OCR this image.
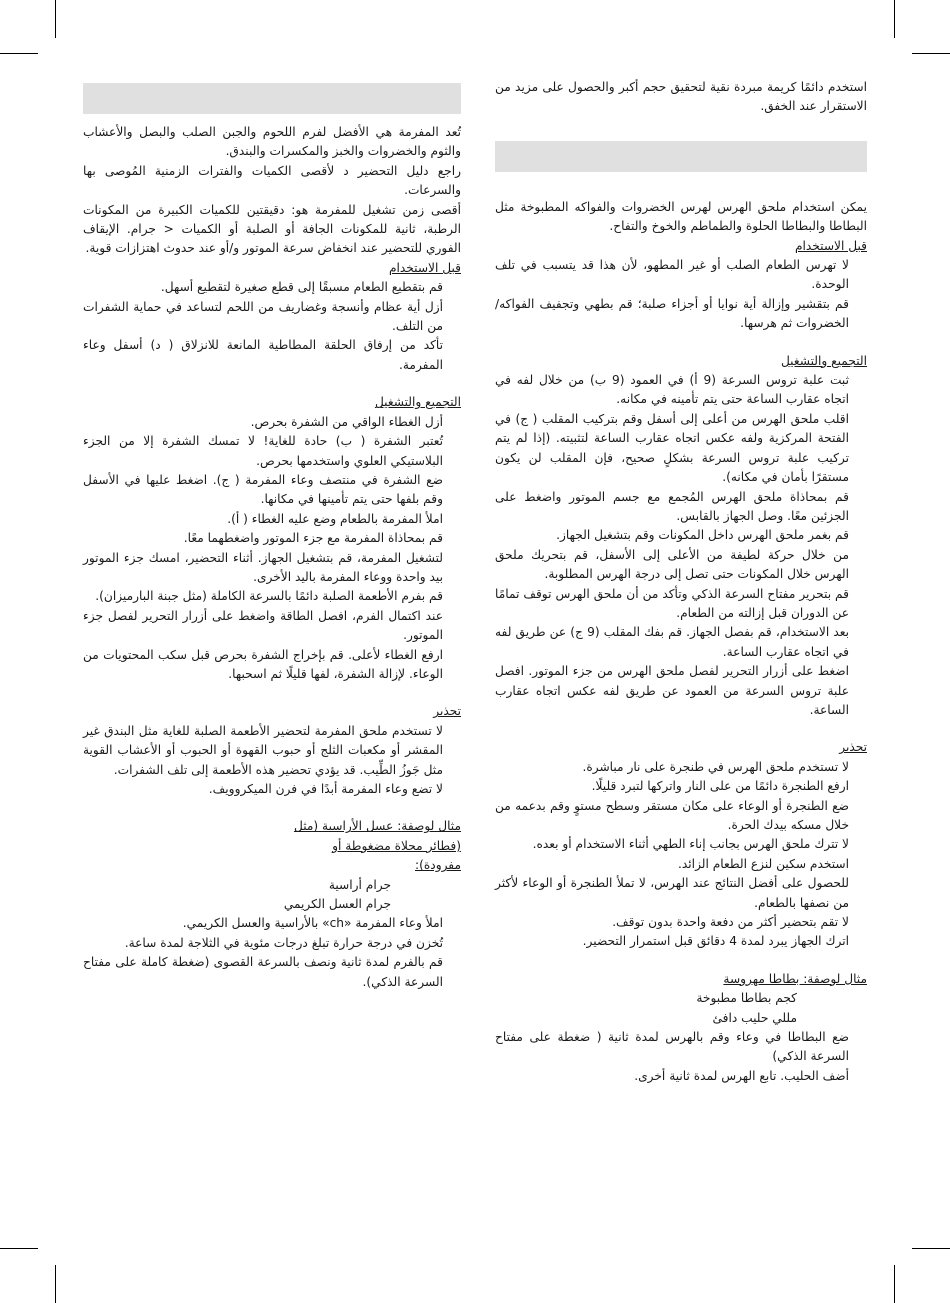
استخدم دائمًا كريمة مبردة نقية لتحقيق حجم أكبر والحصول على مزيد من الاستقرار عند الخفق.

يمكن استخدام ملحق الهرس لهرس الخضروات والفواكه المطبوخة مثل البطاطا والبطاطا الحلوة والطماطم والخوخ والتفاح.

قبل الاستخدام

لا تهرس الطعام الصلب أو غير المطهو، لأن هذا قد يتسبب في تلف الوحدة.

قم بتقشير وإزالة أية نوايا أو أجزاء صلبة؛ قم بطهي وتجفيف الفواكه/ الخضروات ثم هرسها.

التجميع والتشغيل

ثبت علبة تروس السرعة (9 أ) في العمود (9 ب) من خلال لفه في اتجاه عقارب الساعة حتى يتم تأمينه في مكانه.

اقلب ملحق الهرس من أعلى إلى أسفل وقم بتركيب المقلب ( ج) في الفتحة المركزية ولفه عكس اتجاه عقارب الساعة لتثبيته. (إذا لم يتم تركيب علبة تروس السرعة بشكلٍ صحيح، فإن المقلب لن يكون مستقرًا بأمان في مكانه).

قم بمحاذاة ملحق الهرس المُجمع مع جسم الموتور واضغط على الجزئين معًا. وصل الجهاز بالقابس.

قم بغمر ملحق الهرس داخل المكونات وقم بتشغيل الجهاز.

من خلال حركة لطيفة من الأعلى إلى الأسفل، قم بتحريك ملحق الهرس خلال المكونات حتى تصل إلى درجة الهرس المطلوبة.

قم بتحرير مفتاح السرعة الذكي وتأكد من أن ملحق الهرس توقف تمامًا عن الدوران قبل إزالته من الطعام.

بعد الاستخدام، قم بفصل الجهاز. قم بفك المقلب (9 ج) عن طريق لفه في اتجاه عقارب الساعة.

اضغط على أزرار التحرير لفصل ملحق الهرس من جزء الموتور. افصل علبة تروس السرعة من العمود عن طريق لفه عكس اتجاه عقارب الساعة.

تحذير

لا تستخدم ملحق الهرس في طنجرة على نار مباشرة.

ارفع الطنجرة دائمًا من على النار واتركها لتبرد قليلًا.

ضع الطنجرة أو الوعاء على مكان مستقر وسطح مستوٍ وقم بدعمه من خلال مسكه بيدك الحرة.

لا تترك ملحق الهرس بجانب إناء الطهي أثناء الاستخدام أو بعده.

استخدم سكين لنزع الطعام الزائد.

للحصول على أفضل النتائج عند الهرس، لا تملأ الطنجرة أو الوعاء لأكثر من نصفها بالطعام.

لا تقم بتحضير أكثر من دفعة واحدة بدون توقف.

اترك الجهاز يبرد لمدة 4 دقائق قبل استمرار التحضير.

مثال لوصفة: بطاطا مهروسة

كجم بطاطا مطبوخة

مللي حليب دافئ

ضع البطاطا في وعاء وقم بالهرس لمدة ثانية ( ضغطة على مفتاح السرعة الذكي)

أضف الحليب. تابع الهرس لمدة ثانية أخرى.

تُعد المفرمة هي الأفضل لفرم اللحوم والجبن الصلب والبصل والأعشاب والثوم والخضروات والخبز والمكسرات والبندق.

راجع دليل التحضير د لأقصى الكميات والفترات الزمنية المُوصى بها والسرعات.

أقصى زمن تشغيل للمفرمة هو: دقيقتين للكميات الكبيرة من المكونات الرطبة، ثانية للمكونات الجافة أو الصلبة أو الكميات < جرام. الإيقاف الفوري للتحضير عند انخفاض سرعة الموتور و/أو عند حدوث اهتزازات قوية.

قبل الاستخدام

قم بتقطيع الطعام مسبقًا إلى قطع صغيرة لتقطيع أسهل.

أزل أية عظام وأنسجة وغضاريف من اللحم لتساعد في حماية الشفرات من التلف.

تأكد من إرفاق الحلقة المطاطية المانعة للانزلاق ( د) أسفل وعاء المفرمة.

التجميع والتشغيل

أزل الغطاء الواقي من الشفرة بحرص.

تُعتبر الشفرة ( ب) حادة للغاية! لا تمسك الشفرة إلا من الجزء البلاستيكي العلوي واستخدمها بحرص.

ضع الشفرة في منتصف وعاء المفرمة ( ج). اضغط عليها في الأسفل وقم بلفها حتى يتم تأمينها في مكانها.

املأ المفرمة بالطعام وضع عليه الغطاء ( أ).

قم بمحاذاة المفرمة مع جزء الموتور واضغطهما معًا.

لتشغيل المفرمة، قم بتشغيل الجهاز. أثناء التحضير، امسك جزء الموتور بيد واحدة ووعاء المفرمة باليد الأخرى.

قم بفرم الأطعمة الصلبة دائمًا بالسرعة الكاملة (مثل جبنة البارميزان).

عند اكتمال الفرم، افصل الطاقة واضغط على أزرار التحرير لفصل جزء الموتور.

ارفع الغطاء لأعلى. قم بإخراج الشفرة بحرص قبل سكب المحتويات من الوعاء. لإزالة الشفرة، لفها قليلًا ثم اسحبها.

تحذير

لا تستخدم ملحق المفرمة لتحضير الأطعمة الصلبة للغاية مثل البندق غير المقشر أو مكعبات الثلج أو حبوب القهوة أو الحبوب أو الأعشاب القوية مثل جَوزُ الطِّيب. قد يؤدي تحضير هذه الأطعمة إلى تلف الشفرات.

لا تضع وعاء المفرمة أبدًا في فرن الميكروويف.

مثال لوصفة: عسل الأراسية (مثل (فطائر محلاة مضغوطة أو مفرودة):

جرام أراسية

جرام العسل الكريمي

املأ وعاء المفرمة «ch» بالأراسية والعسل الكريمي.

تُخزن في درجة حرارة تبلغ درجات مئوية في الثلاجة لمدة ساعة.

قم بالفرم لمدة ثانية ونصف بالسرعة القصوى (ضغطة كاملة على مفتاح السرعة الذكي).
